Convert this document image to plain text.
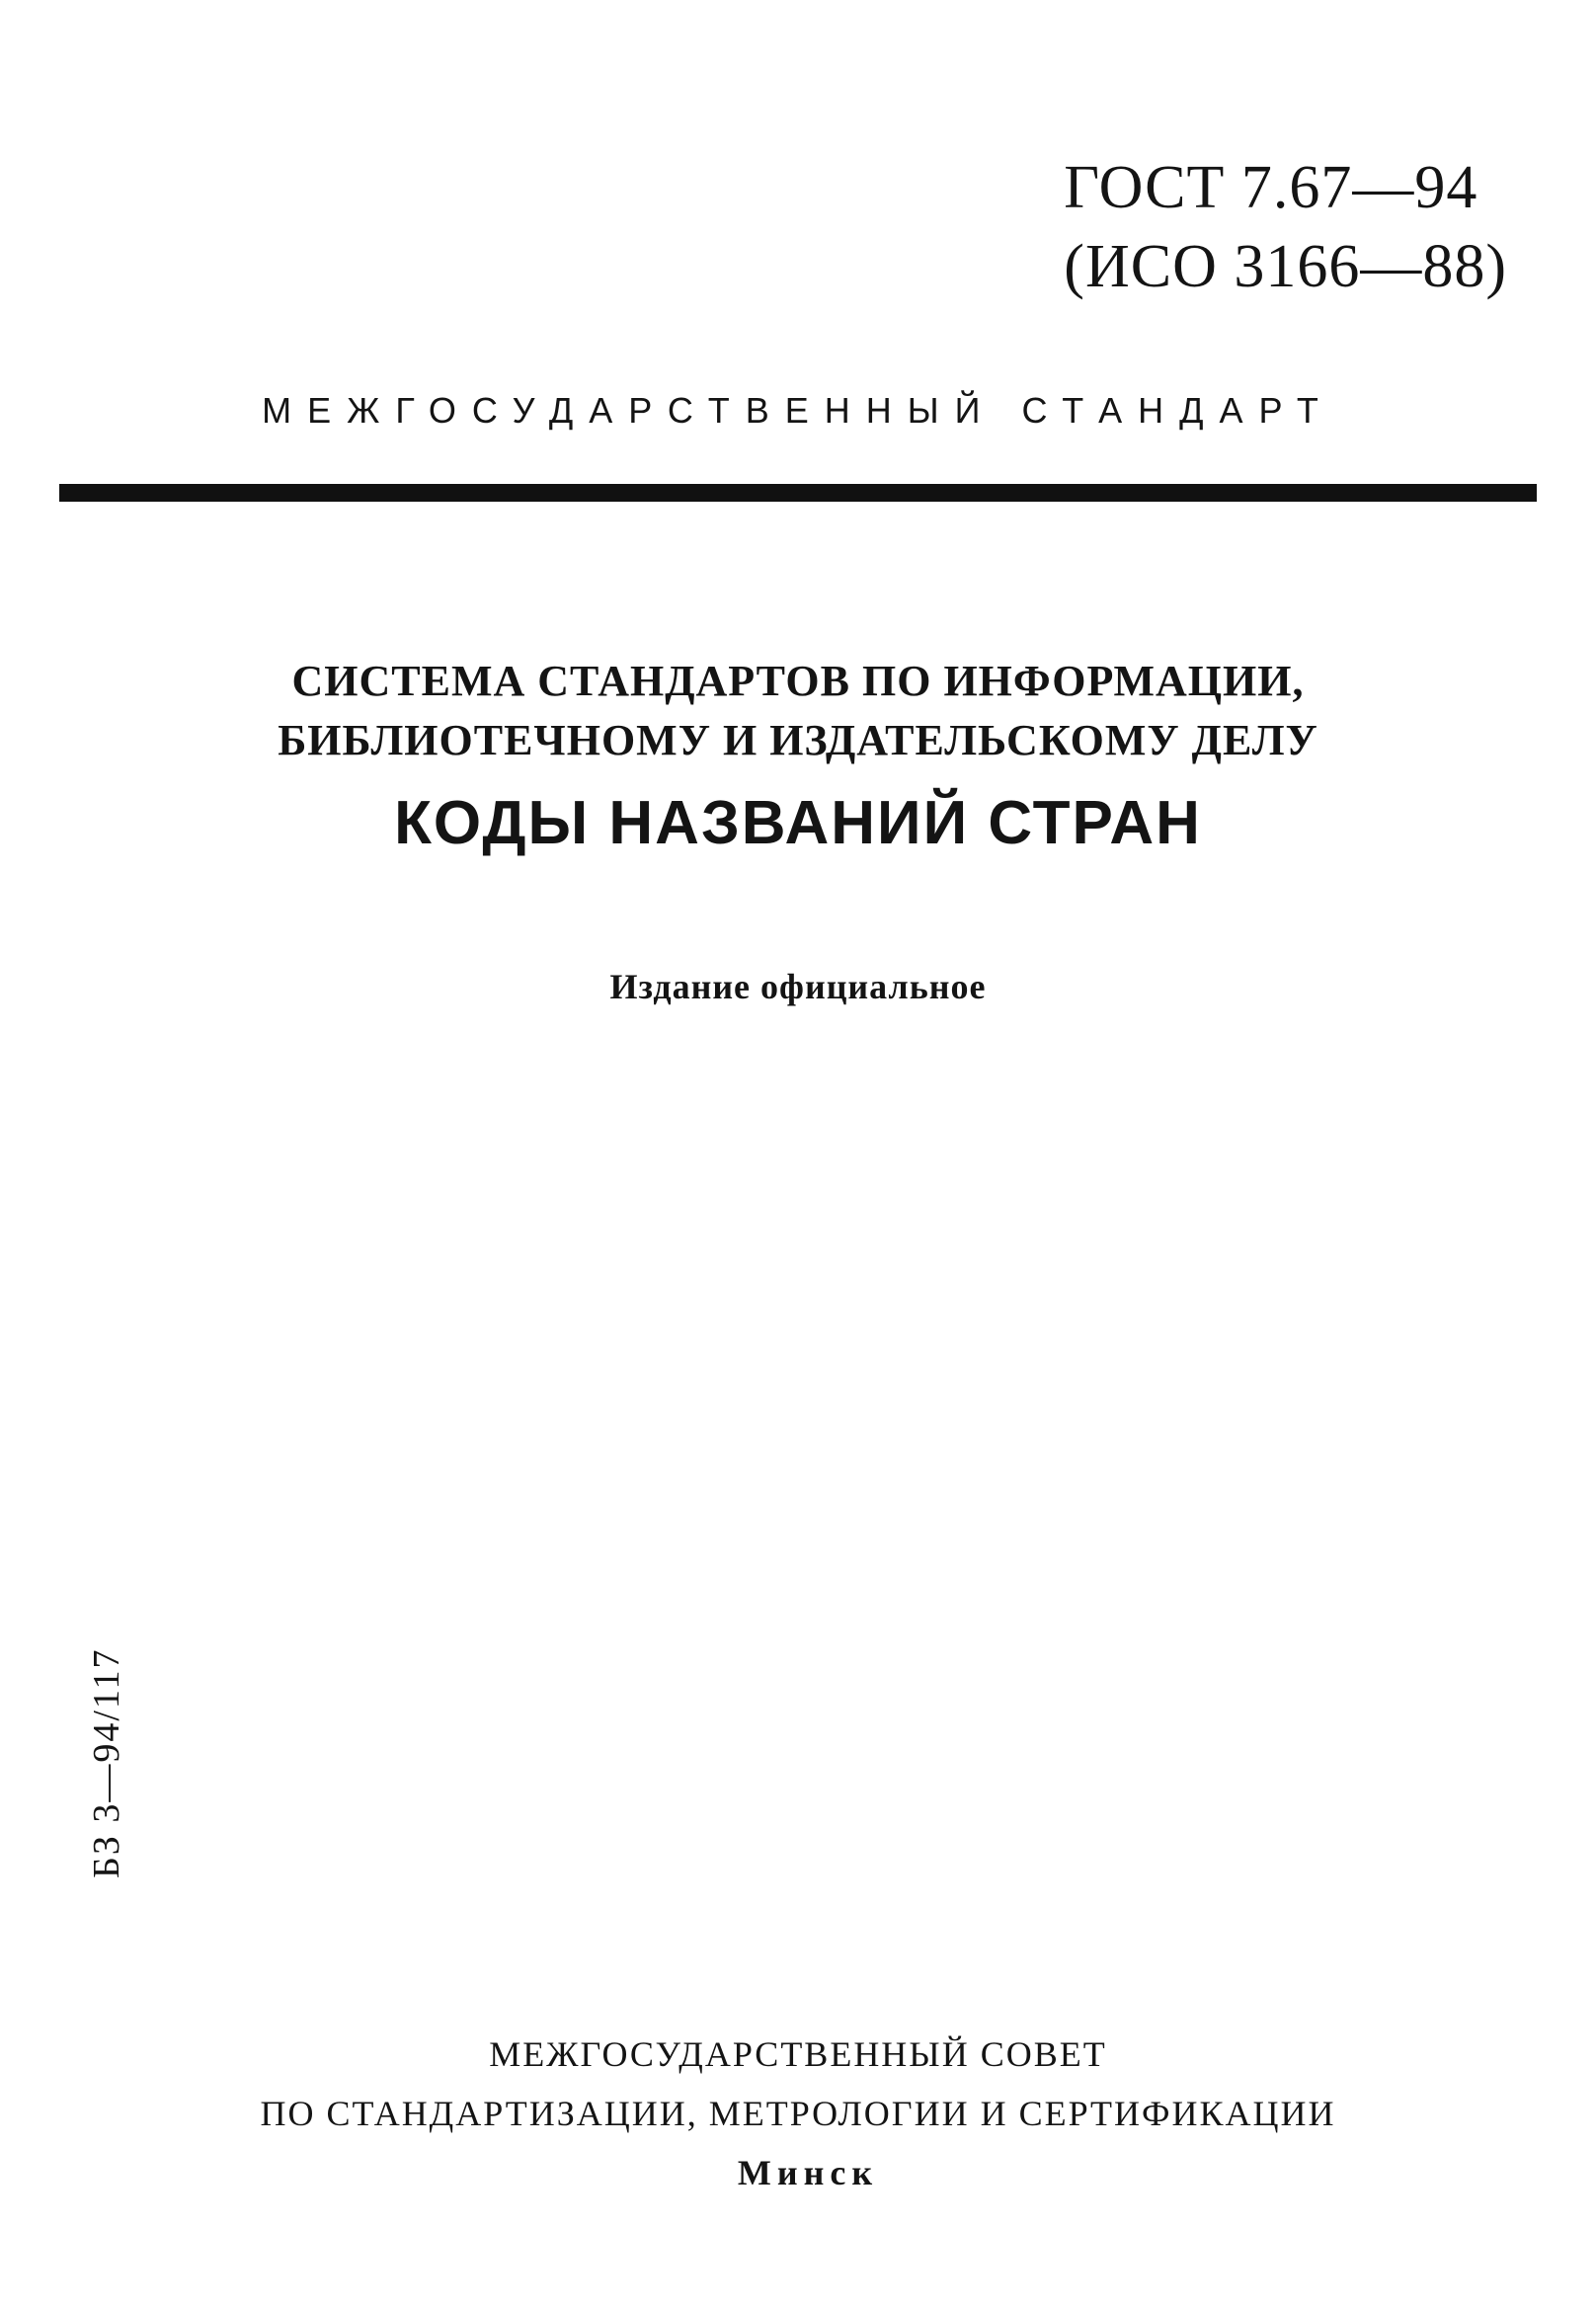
ГОСТ 7.67—94
(ИСО 3166—88)
МЕЖГОСУДАРСТВЕННЫЙ СТАНДАРТ
СИСТЕМА СТАНДАРТОВ ПО ИНФОРМАЦИИ,
БИБЛИОТЕЧНОМУ И ИЗДАТЕЛЬСКОМУ ДЕЛУ
КОДЫ НАЗВАНИЙ СТРАН
Издание официальное
БЗ 3—94/117
МЕЖГОСУДАРСТВЕННЫЙ СОВЕТ
ПО СТАНДАРТИЗАЦИИ, МЕТРОЛОГИИ И СЕРТИФИКАЦИИ
Минск
